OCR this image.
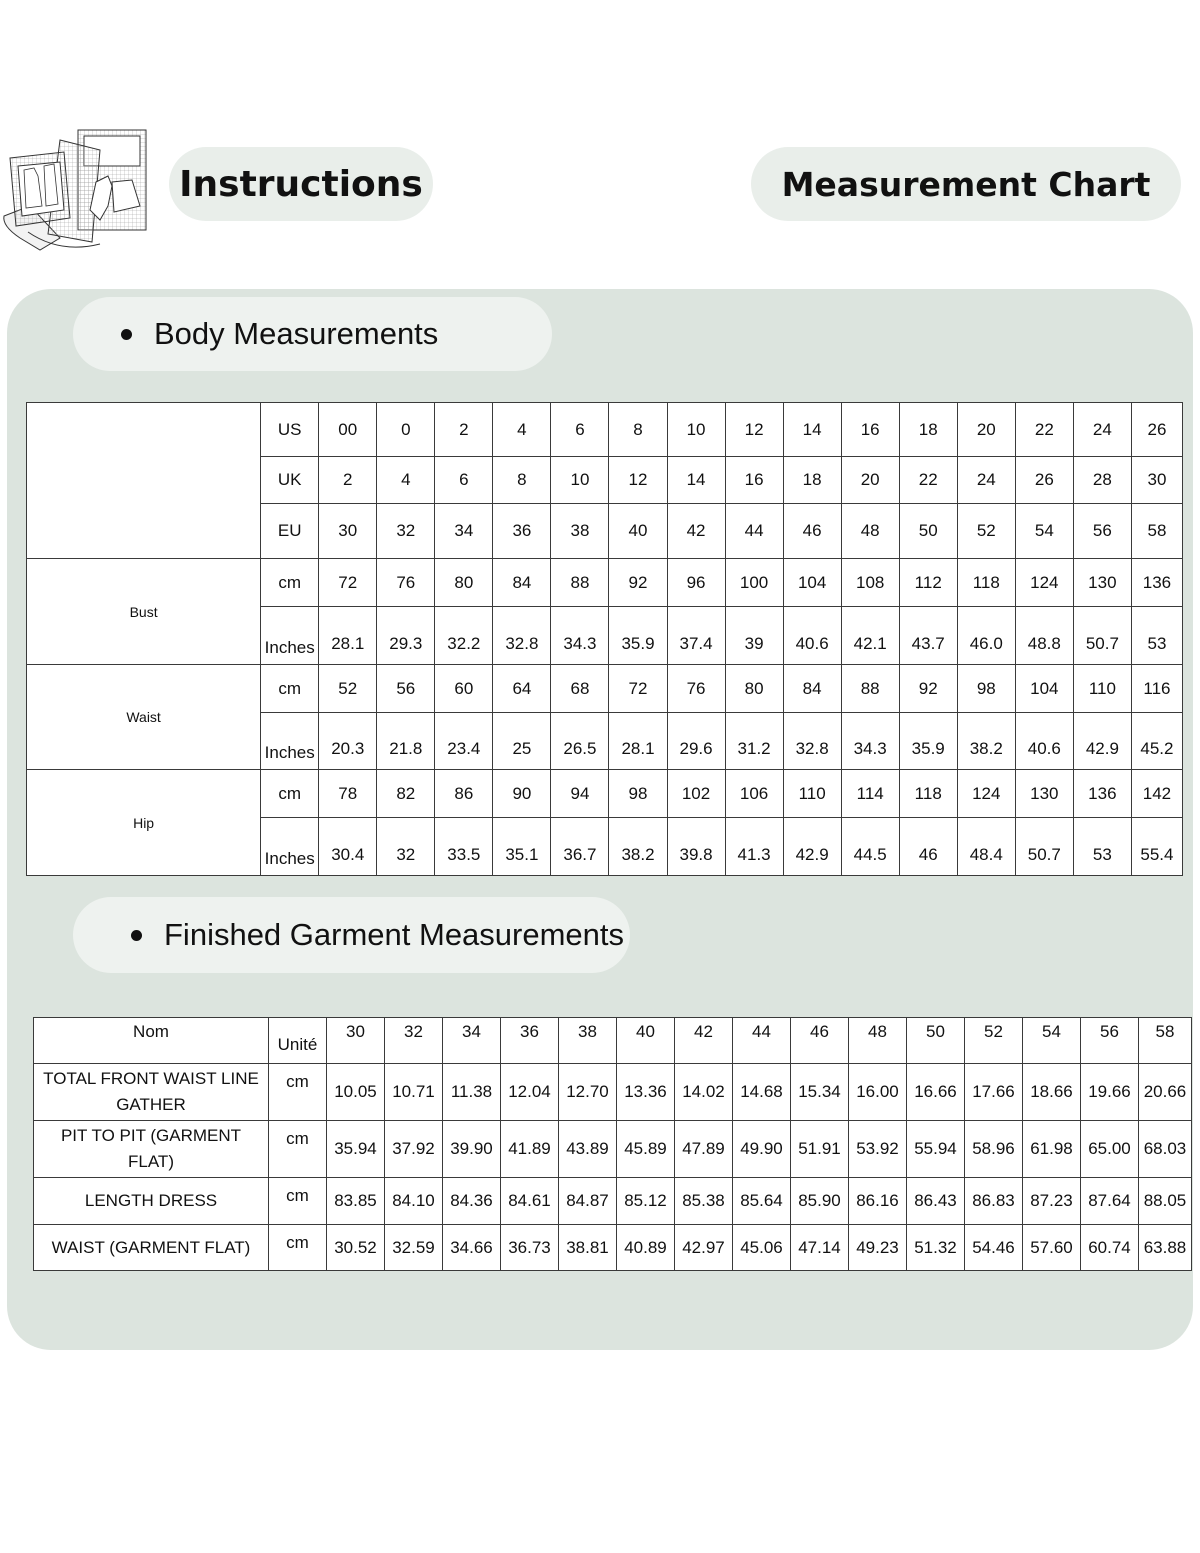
Instructions	Measurement Chart
Body Measurements
	US	00	0	2	4	6	8	10	12	14	16	18	20	22	24	26
	UK	2	4	6	8	10	12	14	16	18	20	22	24	26	28	30
	EU	30	32	34	36	38	40	42	44	46	48	50	52	54	56	58
Bust	cm	72	76	80	84	88	92	96	100	104	108	112	118	124	130	136
	Inches	28.1	29.3	32.2	32.8	34.3	35.9	37.4	39	40.6	42.1	43.7	46.0	48.8	50.7	53
Waist	cm	52	56	60	64	68	72	76	80	84	88	92	98	104	110	116
	Inches	20.3	21.8	23.4	25	26.5	28.1	29.6	31.2	32.8	34.3	35.9	38.2	40.6	42.9	45.2
Hip	cm	78	82	86	90	94	98	102	106	110	114	118	124	130	136	142
	Inches	30.4	32	33.5	35.1	36.7	38.2	39.8	41.3	42.9	44.5	46	48.4	50.7	53	55.4
Finished Garment Measurements
Nom	Unité	30	32	34	36	38	40	42	44	46	48	50	52	54	56	58
TOTAL FRONT WAIST LINE GATHER	cm	10.05	10.71	11.38	12.04	12.70	13.36	14.02	14.68	15.34	16.00	16.66	17.66	18.66	19.66	20.66
PIT TO PIT (GARMENT FLAT)	cm	35.94	37.92	39.90	41.89	43.89	45.89	47.89	49.90	51.91	53.92	55.94	58.96	61.98	65.00	68.03
LENGTH DRESS	cm	83.85	84.10	84.36	84.61	84.87	85.12	85.38	85.64	85.90	86.16	86.43	86.83	87.23	87.64	88.05
WAIST (GARMENT FLAT)	cm	30.52	32.59	34.66	36.73	38.81	40.89	42.97	45.06	47.14	49.23	51.32	54.46	57.60	60.74	63.88
